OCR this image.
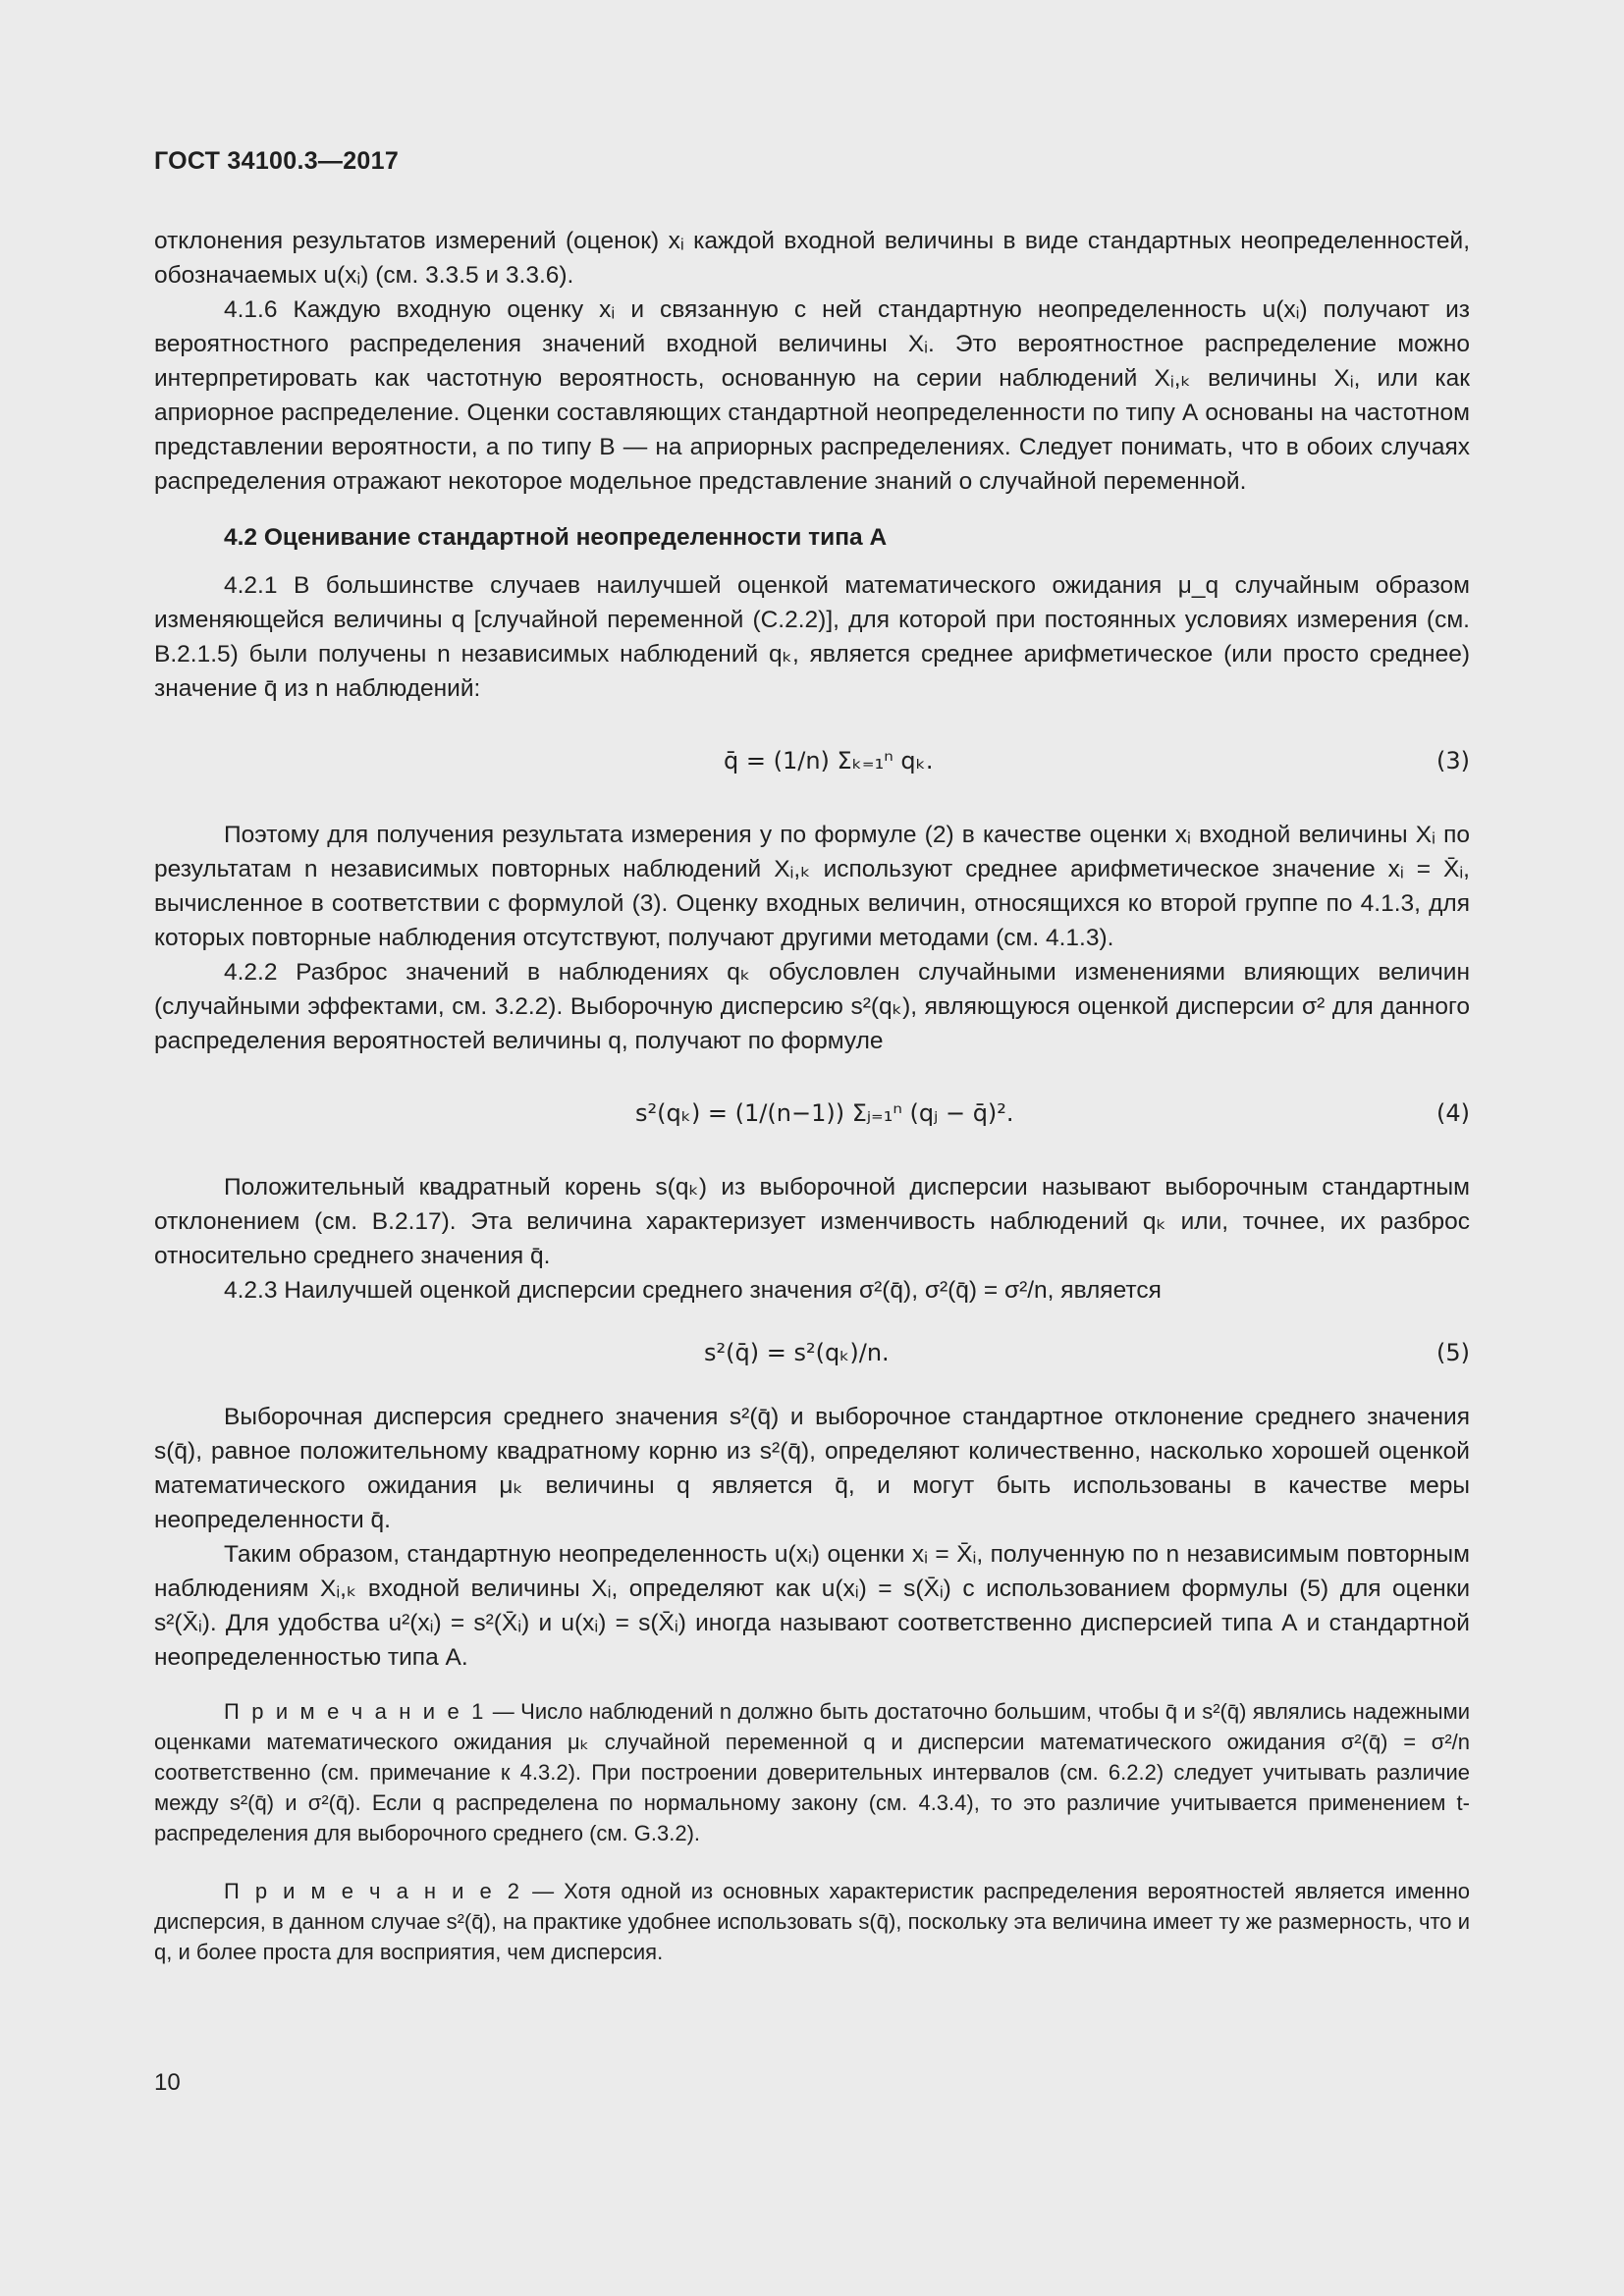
ГОСТ 34100.3—2017

отклонения результатов измерений (оценок) xᵢ каждой входной величины в виде стандартных неопределенностей, обозначаемых u(xᵢ) (см. 3.3.5 и 3.3.6).

4.1.6 Каждую входную оценку xᵢ и связанную с ней стандартную неопределенность u(xᵢ) получают из вероятностного распределения значений входной величины Xᵢ. Это вероятностное распределение можно интерпретировать как частотную вероятность, основанную на серии наблюдений Xᵢ,ₖ величины Xᵢ, или как априорное распределение. Оценки составляющих стандартной неопределенности по типу А основаны на частотном представлении вероятности, а по типу В — на априорных распределениях. Следует понимать, что в обоих случаях распределения отражают некоторое модельное представление знаний о случайной переменной.

4.2 Оценивание стандартной неопределенности типа А

4.2.1 В большинстве случаев наилучшей оценкой математического ожидания μ_q случайным образом изменяющейся величины q [случайной переменной (С.2.2)], для которой при постоянных условиях измерения (см. В.2.1.5) были получены n независимых наблюдений qₖ, является среднее арифметическое (или просто среднее) значение q̄ из n наблюдений:

q̄ = (1/n) Σₖ₌₁ⁿ qₖ.	(3)

Поэтому для получения результата измерения y по формуле (2) в качестве оценки xᵢ входной величины Xᵢ по результатам n независимых повторных наблюдений Xᵢ,ₖ используют среднее арифметическое значение xᵢ = X̄ᵢ, вычисленное в соответствии с формулой (3). Оценку входных величин, относящихся ко второй группе по 4.1.3, для которых повторные наблюдения отсутствуют, получают другими методами (см. 4.1.3).

4.2.2 Разброс значений в наблюдениях qₖ обусловлен случайными изменениями влияющих величин (случайными эффектами, см. 3.2.2). Выборочную дисперсию s²(qₖ), являющуюся оценкой дисперсии σ² для данного распределения вероятностей величины q, получают по формуле

s²(qₖ) = (1/(n−1)) Σⱼ₌₁ⁿ (qⱼ − q̄)².	(4)

Положительный квадратный корень s(qₖ) из выборочной дисперсии называют выборочным стандартным отклонением (см. В.2.17). Эта величина характеризует изменчивость наблюдений qₖ или, точнее, их разброс относительно среднего значения q̄.

4.2.3 Наилучшей оценкой дисперсии среднего значения σ²(q̄), σ²(q̄) = σ²/n, является

s²(q̄) = s²(qₖ)/n.	(5)

Выборочная дисперсия среднего значения s²(q̄) и выборочное стандартное отклонение среднего значения s(q̄), равное положительному квадратному корню из s²(q̄), определяют количественно, насколько хорошей оценкой математического ожидания μₖ величины q является q̄, и могут быть использованы в качестве меры неопределенности q̄.

Таким образом, стандартную неопределенность u(xᵢ) оценки xᵢ = X̄ᵢ, полученную по n независимым повторным наблюдениям Xᵢ,ₖ входной величины Xᵢ, определяют как u(xᵢ) = s(X̄ᵢ) с использованием формулы (5) для оценки s²(X̄ᵢ). Для удобства u²(xᵢ) = s²(X̄ᵢ) и u(xᵢ) = s(X̄ᵢ) иногда называют соответственно дисперсией типа А и стандартной неопределенностью типа А.

П р и м е ч а н и е 1 — Число наблюдений n должно быть достаточно большим, чтобы q̄ и s²(q̄) являлись надежными оценками математического ожидания μₖ случайной переменной q и дисперсии математического ожидания σ²(q̄) = σ²/n соответственно (см. примечание к 4.3.2). При построении доверительных интервалов (см. 6.2.2) следует учитывать различие между s²(q̄) и σ²(q̄). Если q распределена по нормальному закону (см. 4.3.4), то это различие учитывается применением t-распределения для выборочного среднего (см. G.3.2).

П р и м е ч а н и е 2 — Хотя одной из основных характеристик распределения вероятностей является именно дисперсия, в данном случае s²(q̄), на практике удобнее использовать s(q̄), поскольку эта величина имеет ту же размерность, что и q, и более проста для восприятия, чем дисперсия.

10
